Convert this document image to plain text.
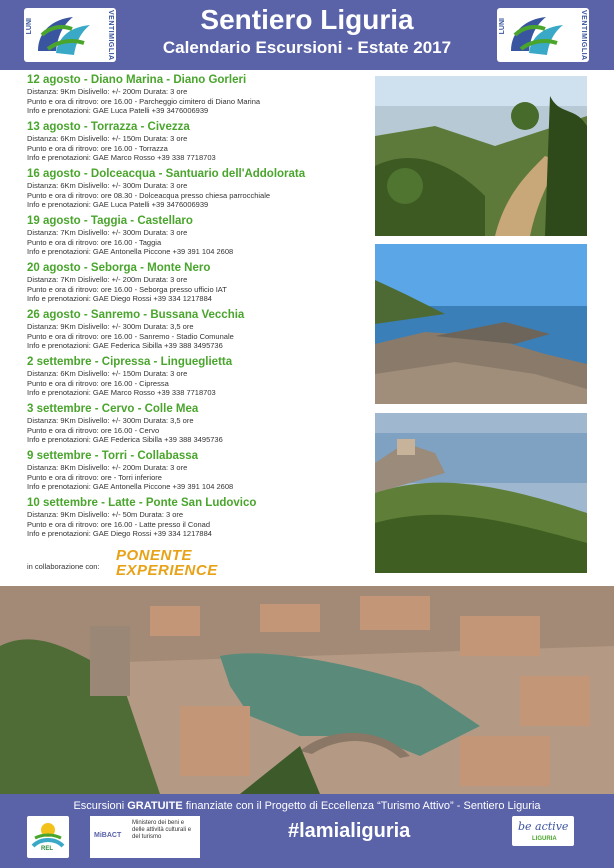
LUNI	VENTIMIGLIA	Sentiero Liguria
Calendario Escursioni - Estate 2017
LUNI	VENTIMIGLIA
12 agosto - Diano Marina - Diano Gorleri
Distanza: 9Km Dislivello: +/- 200m Durata: 3 ore
Punto e ora di ritrovo: ore 16.00 - Parcheggio cimitero di Diano Marina
Info e prenotazioni: GAE Luca Patelli +39 3476006939
13 agosto - Torrazza - Civezza
Distanza: 6Km Dislivello: +/- 150m Durata: 3 ore
Punto e ora di ritrovo: ore 16.00 - Torrazza
Info e prenotazioni: GAE Marco Rosso +39 338 7718703
16 agosto - Dolceacqua - Santuario dell'Addolorata
Distanza: 6Km Dislivello: +/- 300m Durata: 3 ore
Punto e ora di ritrovo: ore 08.30 - Dolceacqua presso chiesa parrocchiale
Info e prenotazioni: GAE Luca Patelli +39 3476006939
19 agosto - Taggia - Castellaro
Distanza: 7Km Dislivello: +/- 300m Durata: 3 ore
Punto e ora di ritrovo: ore 16.00 - Taggia
Info e prenotazioni: GAE Antonella Piccone +39 391 104 2608
20 agosto - Seborga - Monte Nero
Distanza: 7Km Dislivello: +/- 200m Durata: 3 ore
Punto e ora di ritrovo: ore 16.00 - Seborga presso ufficio IAT
Info e prenotazioni: GAE Diego Rossi +39 334 1217884
26 agosto - Sanremo - Bussana Vecchia
Distanza: 9Km Dislivello: +/- 300m Durata: 3,5 ore
Punto e ora di ritrovo: ore 16.00 - Sanremo - Stadio Comunale
Info e prenotazioni: GAE Federica Sibilla +39 388 3495736
2 settembre - Cipressa - Lingueglietta
Distanza: 6Km Dislivello: +/- 150m Durata: 3 ore
Punto e ora di ritrovo: ore 16.00 - Cipressa
Info e prenotazioni: GAE Marco Rosso +39 338 7718703
3 settembre - Cervo - Colle Mea
Distanza: 9Km Dislivello: +/- 300m Durata: 3,5 ore
Punto e ora di ritrovo: ore 16.00 - Cervo
Info e prenotazioni: GAE Federica Sibilla +39 388 3495736
9 settembre - Torri - Collabassa
Distanza: 8Km Dislivello: +/- 200m Durata: 3 ore
Punto e ora di ritrovo: ore - Torri inferiore
Info e prenotazioni: GAE Antonella Piccone +39 391 104 2608
10 settembre - Latte - Ponte San Ludovico
Distanza: 9Km Dislivello: +/- 50m Durata: 3 ore
Punto e ora di ritrovo: ore 16.00 - Latte presso il Conad
Info e prenotazioni: GAE Diego Rossi +39 334 1217884
in collaborazione con:
PONENTE
EXPERIENCE
Escursioni GRATUITE finanziate con il Progetto di Eccellenza “Turismo Attivo” - Sentiero Liguria
REL
MiBACT
Ministero dei beni e delle attività culturali e del turismo	#lamialiguria	be active
LIGURIA
